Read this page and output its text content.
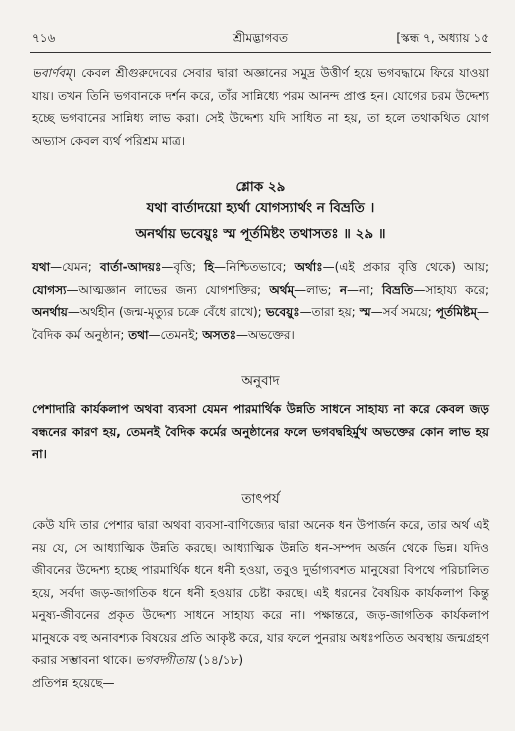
৭১৬	শ্রীমদ্ভাগবত	[স্কন্ধ ৭, অধ্যায় ১৫
ভবার্ণবম্। কেবল শ্রীগুরুদেবের সেবার দ্বারা অজ্ঞানের সমুদ্র উত্তীর্ণ হয়ে ভগবদ্ধামে ফিরে যাওয়া যায়। তখন তিনি ভগবানকে দর্শন করে, তাঁর সান্নিধ্যে পরম আনন্দ প্রাপ্ত হন। যোগের চরম উদ্দেশ্য হচ্ছে ভগবানের সান্নিধ্য লাভ করা। সেই উদ্দেশ্য যদি সাধিত না হয়, তা হলে তথাকথিত যোগ অভ্যাস কেবল ব্যর্থ পরিশ্রম মাত্র।
শ্লোক ২৯
যথা বার্তাদয়ো হ্যর্থা যোগস্যার্থং ন বিভ্রতি ।
অনর্থায় ভবেয়ুঃ স্ম পূর্তমিষ্টং তথাসতঃ ॥ ২৯ ॥
যথা—যেমন; বার্তা-আদয়ঃ—বৃত্তি; হি—নিশ্চিতভাবে; অর্থাঃ—(এই প্রকার বৃত্তি থেকে) আয়; যোগস্য—আত্মজ্ঞান লাভের জন্য যোগশক্তির; অর্থম্—লাভ; ন—না; বিভ্রতি—সাহায্য করে; অনর্থায়—অর্থহীন (জন্ম-মৃত্যুর চক্রে বেঁধে রাখে); ভবেয়ুঃ—তারা হয়; স্ম—সর্ব সময়ে; পূর্তমিষ্টম্—বৈদিক কর্ম অনুষ্ঠান; তথা—তেমনই; অসতঃ—অভক্তের।
অনুবাদ
পেশাদারি কার্যকলাপ অথবা ব্যবসা যেমন পারমার্থিক উন্নতি সাধনে সাহায্য না করে কেবল জড় বন্ধনের কারণ হয়, তেমনই বৈদিক কর্মের অনুষ্ঠানের ফলে ভগবদ্বহির্মুখ অভক্তের কোন লাভ হয় না।
তাৎপর্য
কেউ যদি তার পেশার দ্বারা অথবা ব্যবসা-বাণিজ্যের দ্বারা অনেক ধন উপার্জন করে, তার অর্থ এই নয় যে, সে আধ্যাত্মিক উন্নতি করছে। আধ্যাত্মিক উন্নতি ধন-সম্পদ অর্জন থেকে ভিন্ন। যদিও জীবনের উদ্দেশ্য হচ্ছে পারমার্থিক ধনে ধনী হওয়া, তবুও দুর্ভাগ্যবশত মানুষেরা বিপথে পরিচালিত হয়ে, সর্বদা জড়-জাগতিক ধনে ধনী হওয়ার চেষ্টা করছে। এই ধরনের বৈষয়িক কার্যকলাপ কিন্তু মনুষ্য-জীবনের প্রকৃত উদ্দেশ্য সাধনে সাহায্য করে না। পক্ষান্তরে, জড়-জাগতিক কার্যকলাপ মানুষকে বহু অনাবশ্যক বিষয়ের প্রতি আকৃষ্ট করে, যার ফলে পুনরায় অধঃপতিত অবস্থায় জন্মগ্রহণ করার সম্ভাবনা থাকে। ভগবদ্গীতায় (১৪/১৮)
প্রতিপন্ন হয়েছে—
